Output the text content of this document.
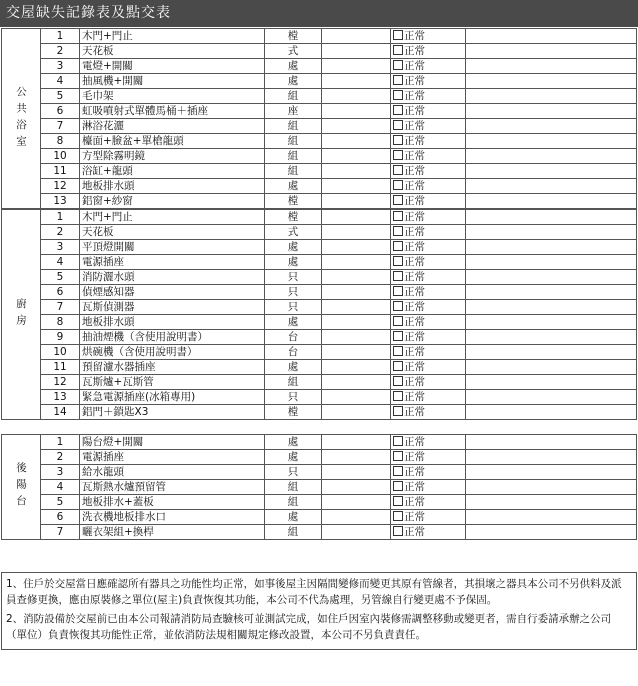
交屋缺失記錄表及點交表
公共浴室	1	木門+門止	樘		正常	
	2	天花板	式		正常	
	3	電燈+開關	處		正常	
	4	抽風機+開關	處		正常	
	5	毛巾架	組		正常	
	6	虹吸噴射式單體馬桶＋插座	座		正常	
	7	淋浴花灑	組		正常	
	8	檯面+臉盆+單槍龍頭	組		正常	
	10	方型除霧明鏡	組		正常	
	11	浴缸+龍頭	組		正常	
	12	地板排水頭	處		正常	
	13	鋁窗+紗窗	樘		正常	
廚房	1	木門+門止	樘		正常	
	2	天花板	式		正常	
	3	平頂燈開關	處		正常	
	4	電源插座	處		正常	
	5	消防灑水頭	只		正常	
	6	偵煙感知器	只		正常	
	7	瓦斯偵測器	只		正常	
	8	地板排水頭	處		正常	
	9	抽油煙機（含使用說明書）	台		正常	
	10	烘碗機（含使用說明書）	台		正常	
	11	預留濾水器插座	處		正常	
	12	瓦斯爐+瓦斯管	組		正常	
	13	緊急電源插座(冰箱專用)	只		正常	
	14	鋁門＋鎖匙X3	樘		正常	
後陽台	1	陽台燈+開關	處		正常	
	2	電源插座	處		正常	
	3	給水龍頭	只		正常	
	4	瓦斯熱水爐預留管	組		正常	
	5	地板排水+蓋板	組		正常	
	6	洗衣機地板排水口	處		正常	
	7	曬衣架組+換桿	組		正常	

1、住戶於交屋當日應確認所有器具之功能性均正常，如事後屋主因隔間變修而變更其原有管線者，其損壞之器具本公司不另供料及派員查修更換，應由原裝修之單位(屋主)負責恢復其功能，本公司不代為處理，另管線自行變更處不予保固。

2、消防設備於交屋前已由本公司報請消防局查驗核可並測試完成，如住戶因室內裝修需調整移動或變更者，需自行委請承辦之公司（單位）負責恢復其功能性正常，並依消防法規相關規定修改設置，本公司不另負責責任。
